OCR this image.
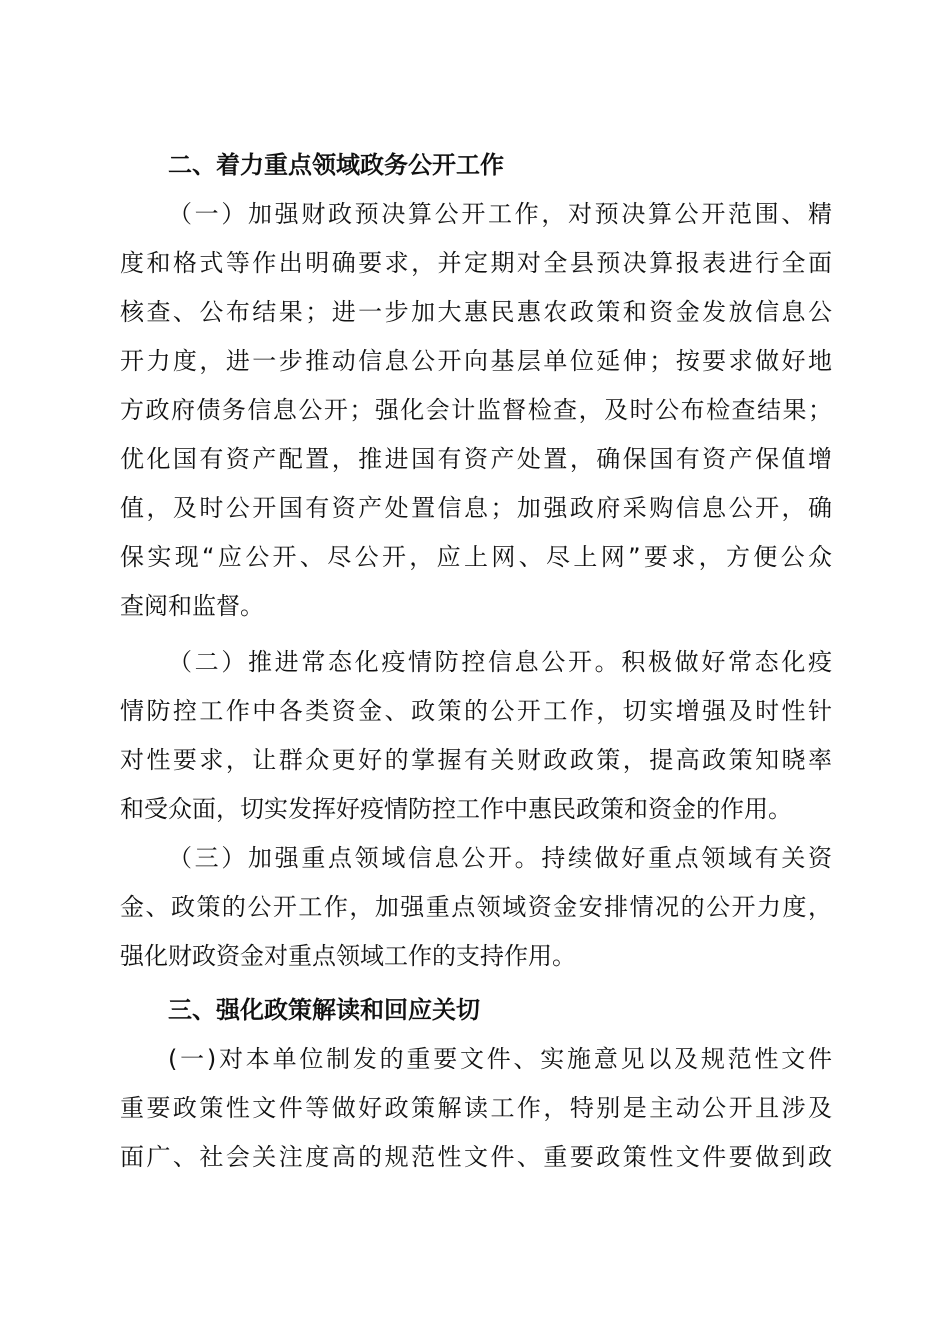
二、着力重点领域政务公开工作
（一）加强财政预决算公开工作，对预决算公开范围、精
度和格式等作出明确要求，并定期对全县预决算报表进行全面
核查、公布结果；进一步加大惠民惠农政策和资金发放信息公
开力度，进一步推动信息公开向基层单位延伸；按要求做好地
方政府债务信息公开；强化会计监督检查，及时公布检查结果；
优化国有资产配置，推进国有资产处置，确保国有资产保值增
值，及时公开国有资产处置信息；加强政府采购信息公开，确
保实现“应公开、尽公开，应上网、尽上网”要求，方便公众
查阅和监督。
（二）推进常态化疫情防控信息公开。积极做好常态化疫
情防控工作中各类资金、政策的公开工作，切实增强及时性针
对性要求，让群众更好的掌握有关财政政策，提高政策知晓率
和受众面，切实发挥好疫情防控工作中惠民政策和资金的作用。
（三）加强重点领域信息公开。持续做好重点领域有关资
金、政策的公开工作，加强重点领域资金安排情况的公开力度，
强化财政资金对重点领域工作的支持作用。
三、强化政策解读和回应关切
(一)对本单位制发的重要文件、实施意见以及规范性文件
重要政策性文件等做好政策解读工作，特别是主动公开且涉及
面广、社会关注度高的规范性文件、重要政策性文件要做到政
